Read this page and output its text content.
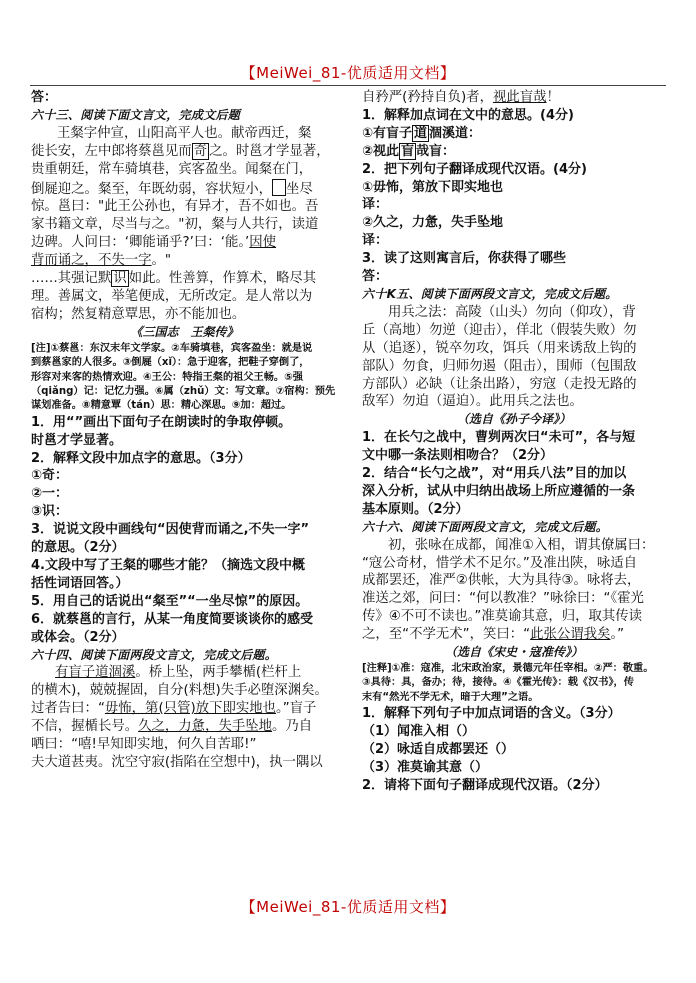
【MeiWei_81-优质适用文档】
答：
六十三、阅读下面文言文，完成文后题
王粲字仲宣，山阳高平人也。献帝西迁，粲
徙长安，左中郎将蔡邕见而 奇 之。时邕才学显著，
贵重朝廷，常车骑填巷，宾客盈坐。闻粲在门，
倒屣迎之。粲至，年既幼弱，容状短小， 坐尽
惊。邕曰："此王公孙也，有异才，吾不如也。吾
家书籍文章，尽当与之。"初，粲与人共行，读道
边碑。人问曰：‘卿能诵乎?’曰：‘能。’因使
背而诵之，不失一字。"
……其强记默 识 如此。性善算，作算术，略尽其
理。善属文，举笔便成，无所改定。是人常以为
宿构；然复精意覃思，亦不能加也。
《三国志　王粲传》
[注]①蔡邕：东汉末年文学家。②车骑填巷，宾客盈坐：就是说
到蔡邕家的人很多。③倒屣（xǐ）：急于迎客，把鞋子穿倒了，
形容对来客的热情欢迎。④王公：特指王粲的祖父王畅。⑤强
（qiǎng）记：记忆力强。⑥属（zhǔ）文：写文章。⑦宿构：预先
谋划准备。⑧精意覃（tán）思：精心深思。⑨加：超过。
1．用“”画出下面句子在朗读时的争取停顿。
时邕才学显著。
2．解释文段中加点字的意思。（3分）
①奇：
②一：
③识：
3．说说文段中画线句“因使背而诵之,不失一字”
的意思。（2分）
4.文段中写了王粲的哪些才能？（摘选文段中概
括性词语回答。）
5．用自己的话说出“粲至”“一坐尽惊”的原因。
6．就蔡邕的言行，从某一角度简要谈谈你的感受
或体会。（2分）
六十四、阅读下面两段文言文，完成文后题。
有盲子道涸溪。桥上坠，两手攀楯(栏杆上
的横木)，兢兢握固，自分(料想)失手必堕深渊矣。
过者告曰：“毋怖，第(只管)放下即实地也。”盲子
不信，握楯长号。久之，力惫，失手坠地。乃自
哂曰：“嘻!早知即实地，何久自苦耶!”
夫大道甚夷。沈空守寂(指陷在空想中)，执一隅以
自矜严(矜持自负)者，视此盲哉！
1．解释加点词在文中的意思。(4分)
①有盲子 道 涸溪道：
②视此 盲 哉盲：
2．把下列句子翻译成现代汉语。(4分)
①毋怖，第放下即实地也
译：
②久之，力惫，失手坠地
译：
3．读了这则寓言后，你获得了哪些
答：
六十K五、阅读下面两段文言文，完成文后题。
用兵之法：高陵（山头）勿向（仰攻），背
丘（高地）勿逆（迎击），佯北（假装失败）勿
从（追逐），锐卒勿攻，饵兵（用来诱敌上钩的
部队）勿食，归师勿遏（阻击），围师（包围敌
方部队）必缺（让条出路），穷寇（走投无路的
敌军）勿迫（逼迫）。此用兵之法也。
（选自《孙子今译》）
1．在长勺之战中，曹刿两次曰“未可”，各与短
文中哪一条法则相吻合？（2分）
2．结合“长勺之战”，对“用兵八法”目的加以
深入分析，试从中归纳出战场上所应遵循的一条
基本原则。（2分）
六十六、阅读下面两段文言文，完成文后题。
初，张咏在成都，闻准①入相，谓其僚属曰：
“寇公奇材，惜学术不足尔。”及准出陕，咏适自
成都罢还，准严②供帐，大为具待③。咏将去，
准送之郊，问曰：“何以教准？”咏徐曰：“《霍光
传》④不可不读也。”准莫谕其意，归，取其传读
之，至“不学无术”，笑曰：“此张公谓我矣。”
（选自《宋史・寇准传》）
[注释]①准：寇准，北宋政治家，景德元年任宰相。②严：敬重。
③具待：具，备办；待，接待。④《霍光传》：载《汉书》，传
末有“然光不学无术，暗于大理”之语。
1．解释下列句子中加点词语的含义。（3分）
（1）闻准入相（）
（2）咏适自成都罢还（）
（3）准莫谕其意（）
2．请将下面句子翻译成现代汉语。（2分）
【MeiWei_81-优质适用文档】
